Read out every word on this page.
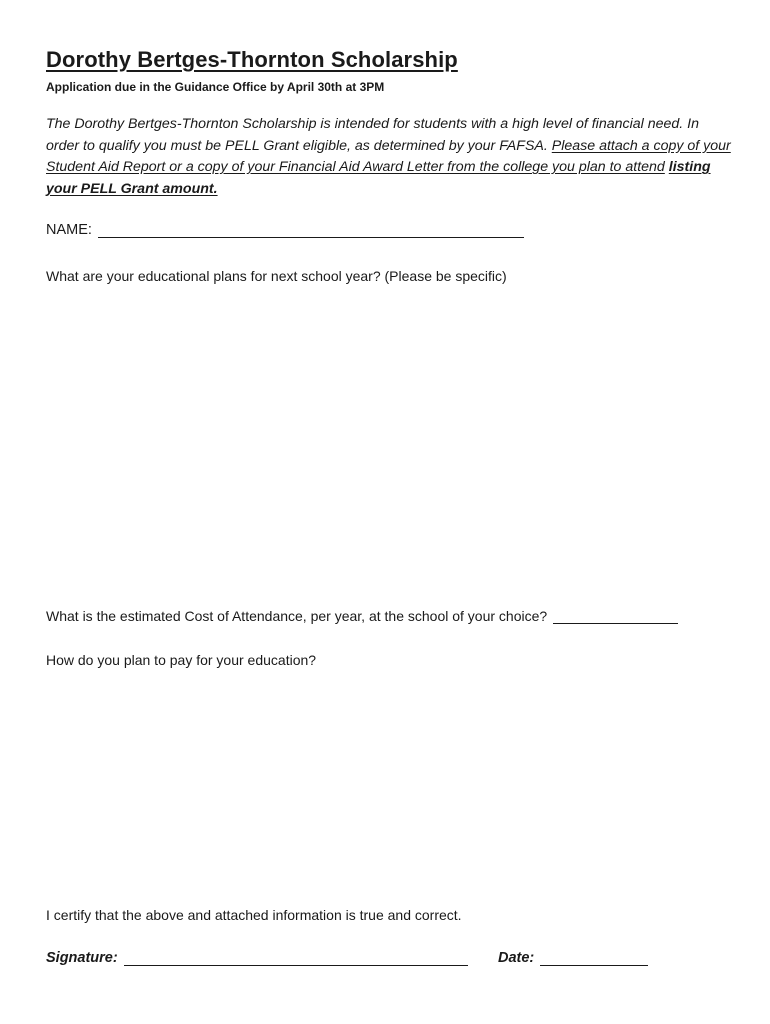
Dorothy Bertges-Thornton Scholarship
Application due in the Guidance Office by April 30th at 3PM
The Dorothy Bertges-Thornton Scholarship is intended for students with a high level of financial need. In order to qualify you must be PELL Grant eligible, as determined by your FAFSA. Please attach a copy of your Student Aid Report or a copy of your Financial Aid Award Letter from the college you plan to attend listing your PELL Grant amount.
NAME:
What are your educational plans for next school year? (Please be specific)
What is the estimated Cost of Attendance, per year, at the school of your choice?
How do you plan to pay for your education?
I certify that the above and attached information is true and correct.
Signature:	Date:
